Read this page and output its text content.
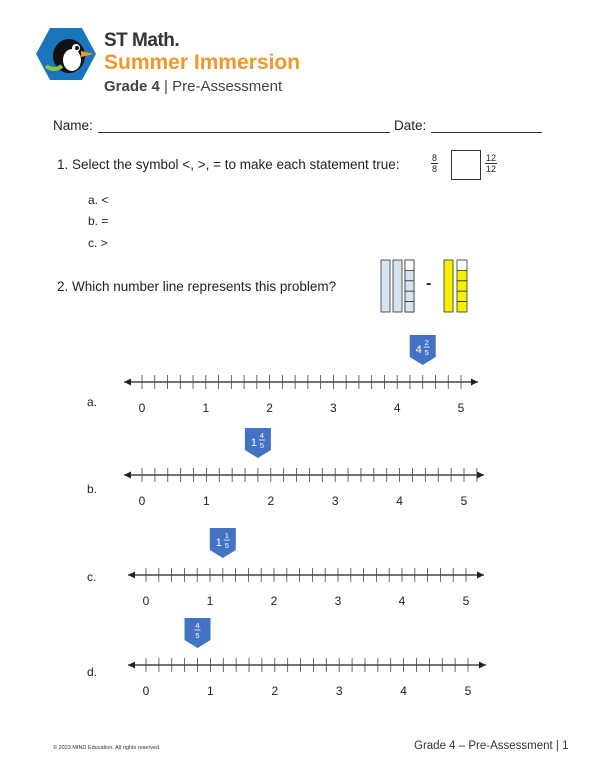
ST Math.
Summer Immersion
Grade 4 | Pre-Assessment
Name:	Date:
1. Select the symbol <, >, = to make each statement true:	$\frac{8}{8}$	$\frac{12}{12}$
a. <
b. =
c. >
2. Which number line represents this problem?	-
a.
b.
c.
d.
0	1	2	3	4	5
4
2
5
0	1	2	3	4	5
1
4
5
0	1	2	3	4	5
1
1
5
0	1	2	3	4	5
4
5
© 2023 MIND Education. All rights reserved.	Grade 4 – Pre-Assessment | 1
